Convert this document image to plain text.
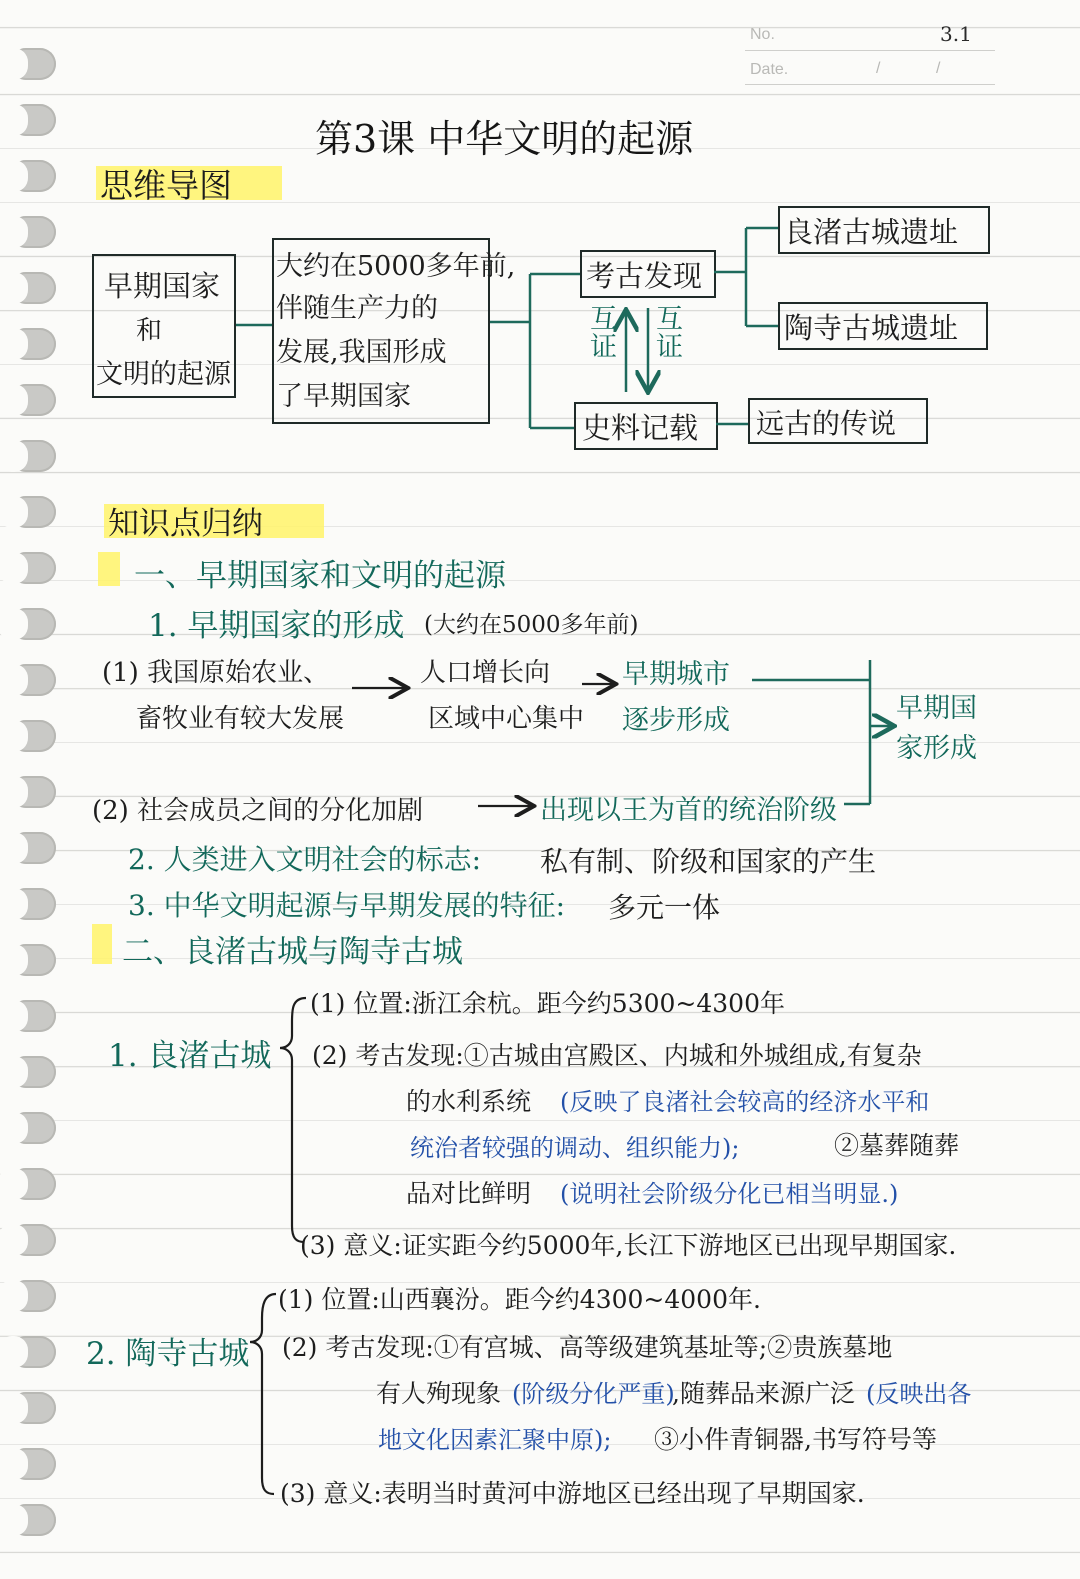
No.	3.1
Date.	/	/
第3课 中华文明的起源
思维导图
早期国家
和
文明的起源
大约在5000多年前,
伴随生产力的
发展,我国形成
了早期国家
考古发现
史料记载
良渚古城遗址
陶寺古城遗址
远古的传说
互
证
互
证
知识点归纳
一、早期国家和文明的起源
1. 早期国家的形成 (大约在5000多年前)
(1) 我国原始农业、
畜牧业有较大发展
人口增长向
区域中心集中
早期城市
逐步形成	早期国
家形成
(2) 社会成员之间的分化加剧	出现以王为首的统治阶级
2. 人类进入文明社会的标志: 私有制、阶级和国家的产生
3. 中华文明起源与早期发展的特征: 多元一体
二、良渚古城与陶寺古城
1. 良渚古城
(1) 位置:浙江余杭。距今约5300~4300年
(2) 考古发现:①古城由宫殿区、内城和外城组成,有复杂
的水利系统 (反映了良渚社会较高的经济水平和
统治者较强的调动、组织能力);	②墓葬随葬
品对比鲜明 (说明社会阶级分化已相当明显.)
(3) 意义:证实距今约5000年,长江下游地区已出现早期国家.
2. 陶寺古城
(1) 位置:山西襄汾。距今约4300~4000年.
(2) 考古发现:①有宫城、高等级建筑基址等;②贵族墓地
有人殉现象 (阶级分化严重)
,随葬品来源广泛 (反映出各
地文化因素汇聚中原); ③小件青铜器,书写符号等
(3) 意义:表明当时黄河中游地区已经出现了早期国家.
